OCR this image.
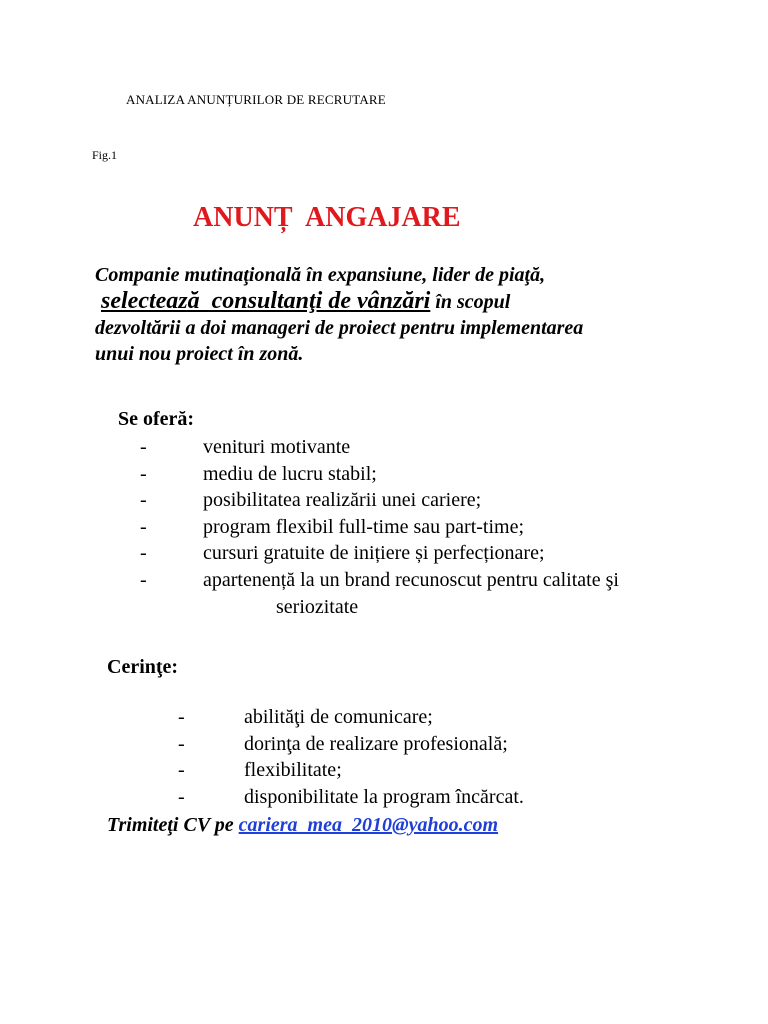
ANALIZA ANUNȚURILOR DE RECRUTARE
Fig.1
ANUNȚ  ANGAJARE
Companie mutinaţională în expansiune, lider de piaţă,
selectează  consultanţi de vânzări în scopul
dezvoltării a doi manageri de proiect pentru implementarea
unui nou proiect în zonă.
Se oferă:
-	venituri motivante
-	mediu de lucru stabil;
-	posibilitatea realizării unei cariere;
-	program flexibil full-time sau part-time;
-	cursuri gratuite de inițiere și perfecționare;
-	apartenență la un brand recunoscut pentru calitate şi
seriozitate
Cerinţe:
-	abilităţi de comunicare;
-	dorinţa de realizare profesională;
-	flexibilitate;
-	disponibilitate la program încărcat.
Trimiteţi CV pe cariera_mea_2010@yahoo.com
